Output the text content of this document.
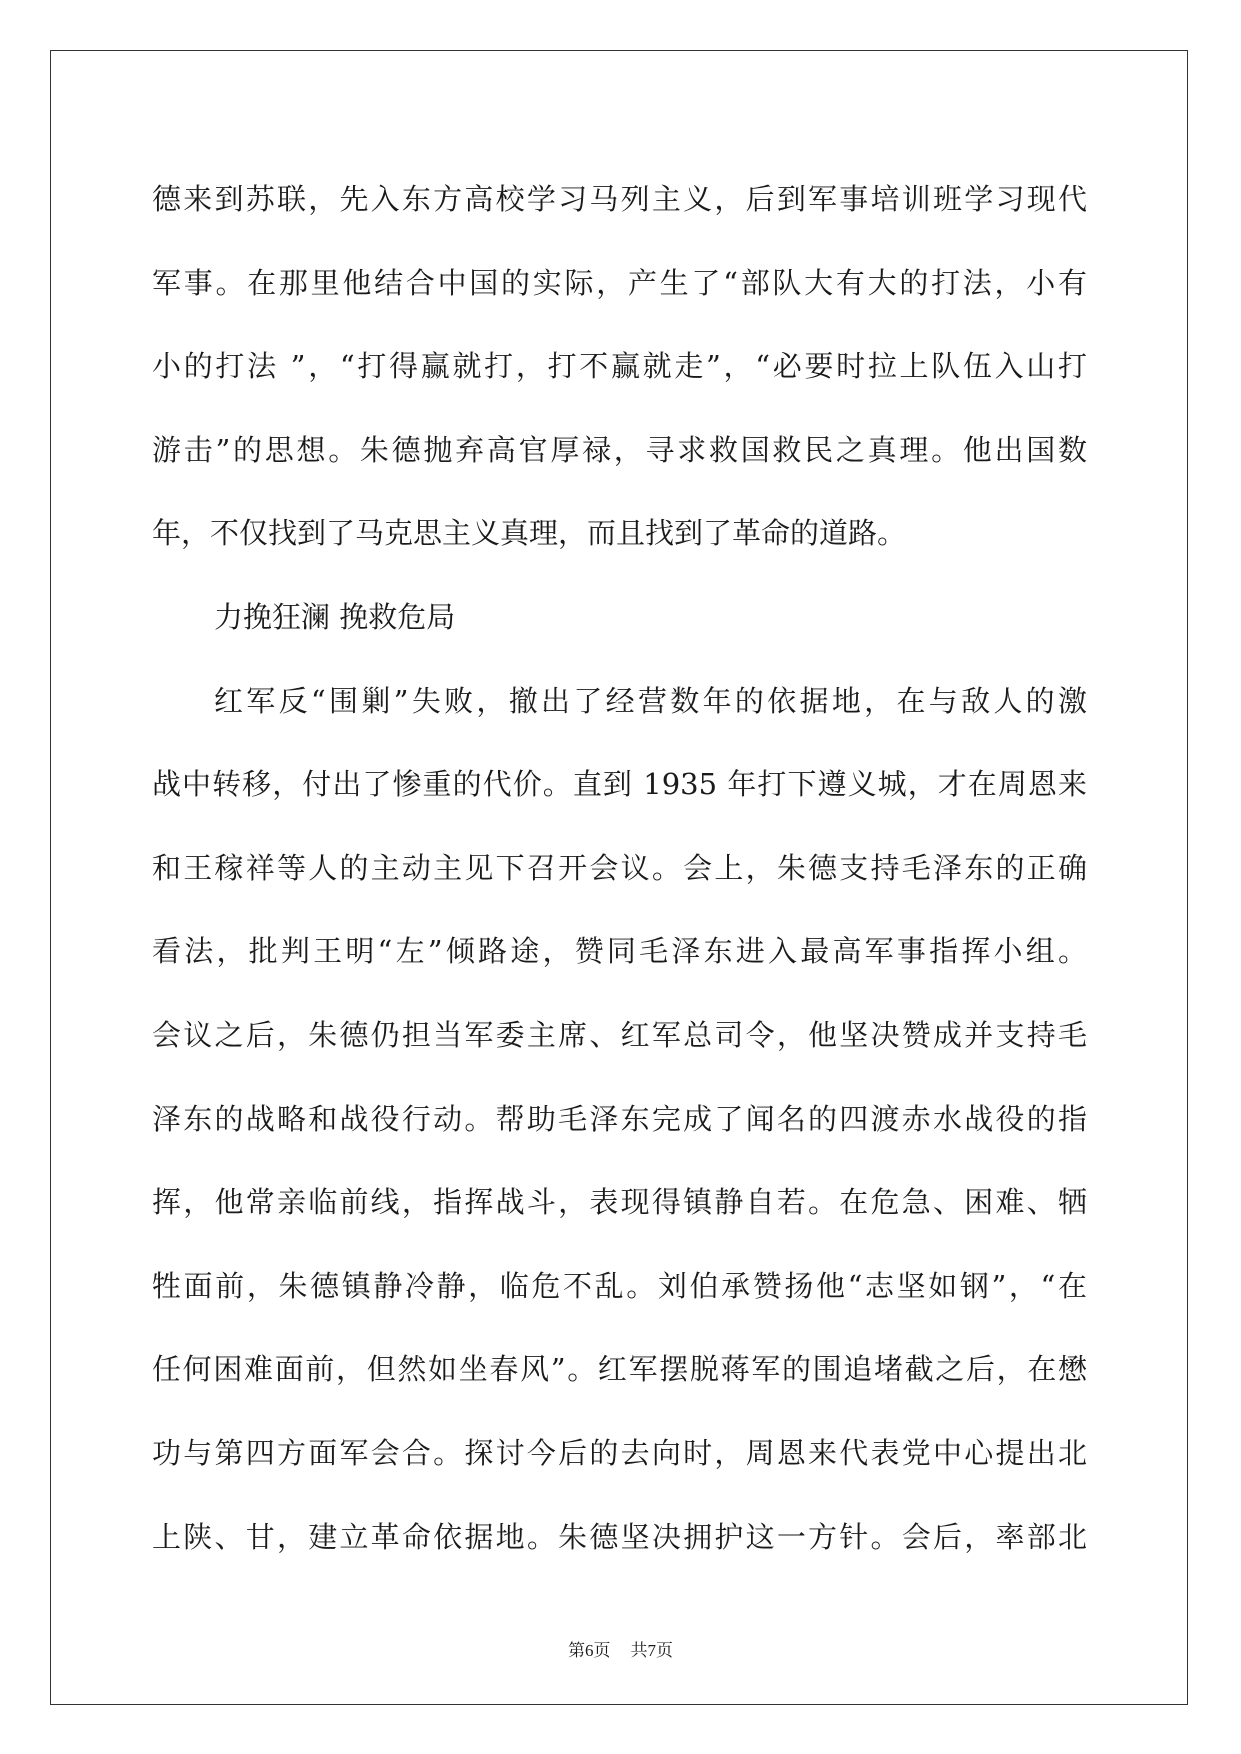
德来到苏联，先入东方高校学习马列主义，后到军事培训班学习现代
军事。在那里他结合中国的实际，产生了“部队大有大的打法，小有
小的打法 ”，“打得赢就打，打不赢就走”，“必要时拉上队伍入山打
游击”的思想。朱德抛弃高官厚禄，寻求救国救民之真理。他出国数
年，不仅找到了马克思主义真理，而且找到了革命的道路。
力挽狂澜 挽救危局
红军反“围剿”失败，撤出了经营数年的依据地，在与敌人的激
战中转移，付出了惨重的代价。直到 1935 年打下遵义城，才在周恩来
和王稼祥等人的主动主见下召开会议。会上，朱德支持毛泽东的正确
看法，批判王明“左”倾路途，赞同毛泽东进入最高军事指挥小组。
会议之后，朱德仍担当军委主席、红军总司令，他坚决赞成并支持毛
泽东的战略和战役行动。帮助毛泽东完成了闻名的四渡赤水战役的指
挥，他常亲临前线，指挥战斗，表现得镇静自若。在危急、困难、牺
牲面前，朱德镇静冷静，临危不乱。刘伯承赞扬他“志坚如钢”，“在
任何困难面前，但然如坐春风”。红军摆脱蒋军的围追堵截之后，在懋
功与第四方面军会合。探讨今后的去向时，周恩来代表党中心提出北
上陕、甘，建立革命依据地。朱德坚决拥护这一方针。会后，率部北
第6页 共7页
